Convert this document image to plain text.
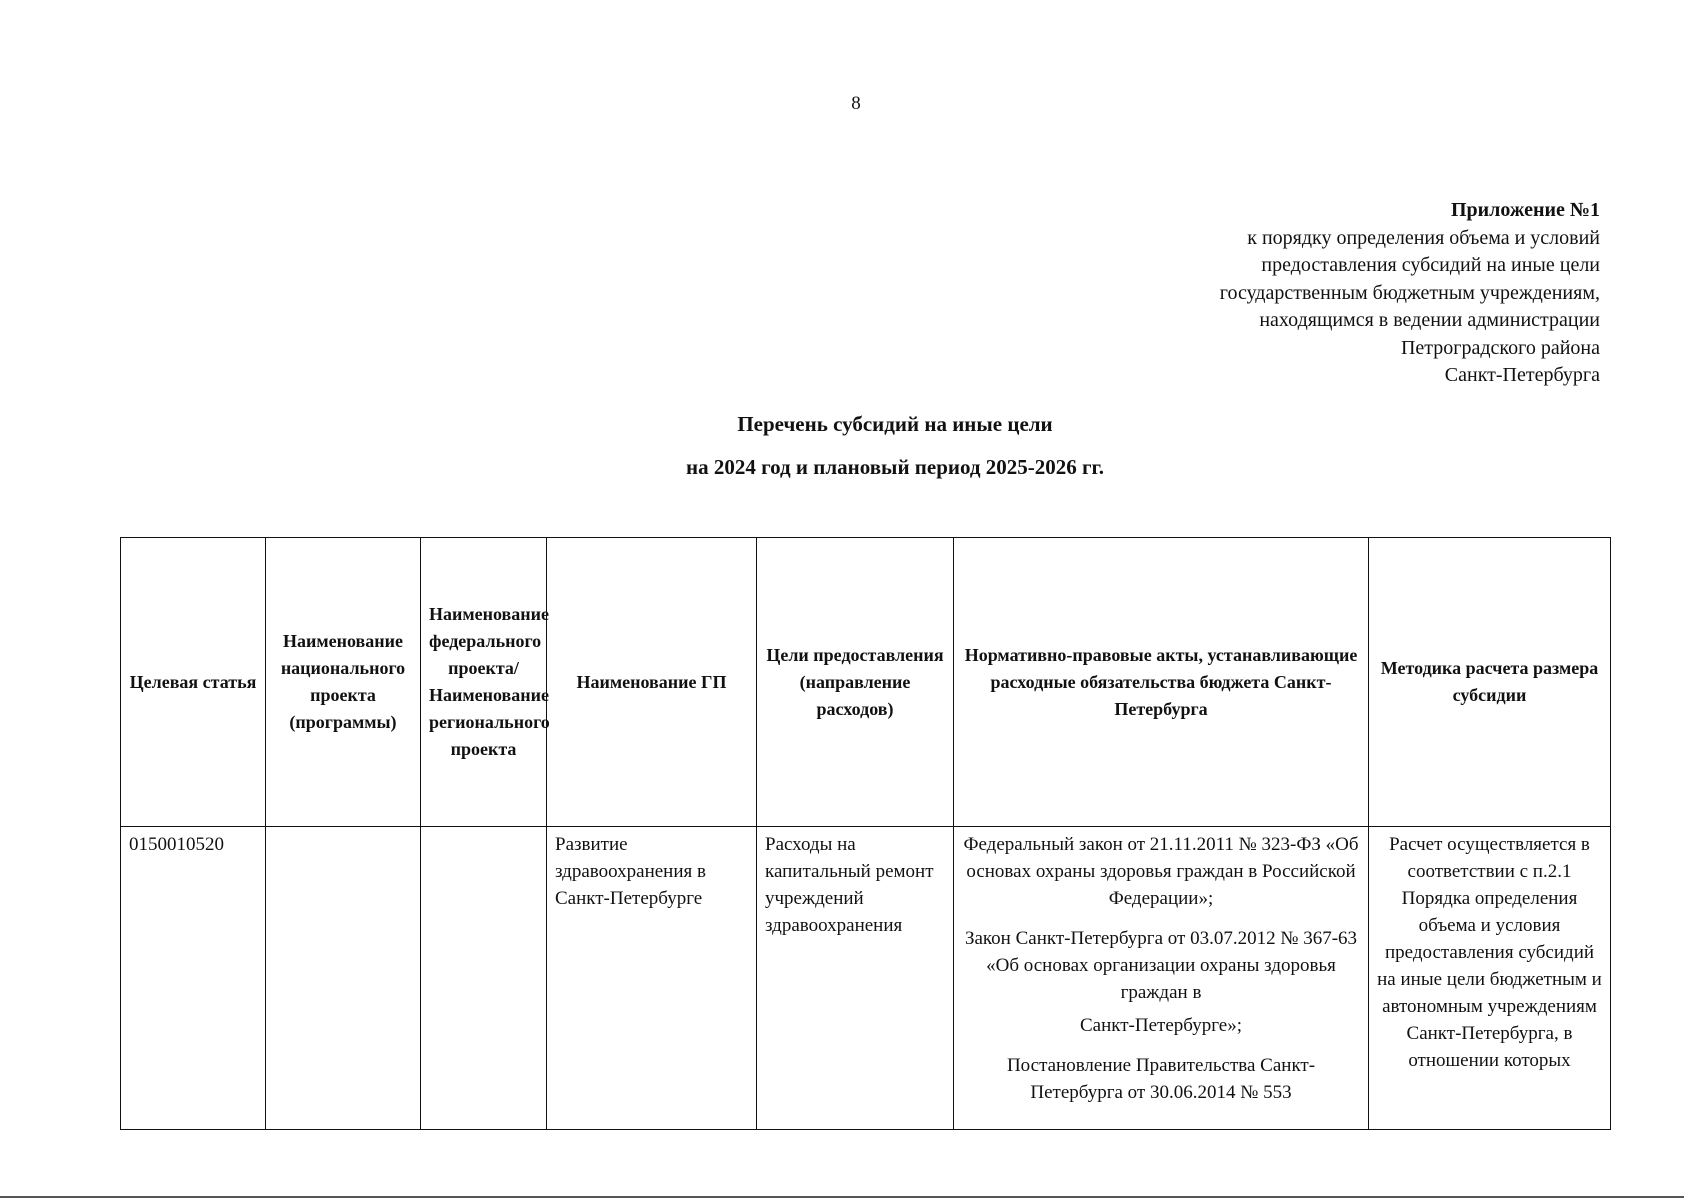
8
Приложение №1
к порядку определения объема и условий
предоставления субсидий на иные цели
государственным бюджетным учреждениям,
находящимся в ведении администрации
Петроградского района
Санкт-Петербурга
Перечень субсидий на иные цели
на 2024 год и плановый период 2025-2026 гг.
Целевая статья	Наименование национального проекта (программы)	Наименование федерального проекта/ Наименование регионального проекта	Наименование ГП	Цели предоставления (направление расходов)	Нормативно-правовые акты, устанавливающие расходные обязательства бюджета Санкт-Петербурга	Методика расчета размера субсидии
0150010520			Развитие здравоохранения в Санкт-Петербурге	Расходы на капитальный ремонт учреждений здравоохранения	Федеральный закон от 21.11.2011 № 323-ФЗ «Об основах охраны здоровья граждан в Российской Федерации»;

Закон Санкт-Петербурга от 03.07.2012 № 367-63 «Об основах организации охраны здоровья граждан в

Санкт-Петербурге»;

Постановление Правительства Санкт-Петербурга от 30.06.2014 № 553	Расчет осуществляется в соответствии с п.2.1 Порядка определения объема и условия предоставления субсидий на иные цели бюджетным и автономным учреждениям Санкт-Петербурга, в отношении которых
